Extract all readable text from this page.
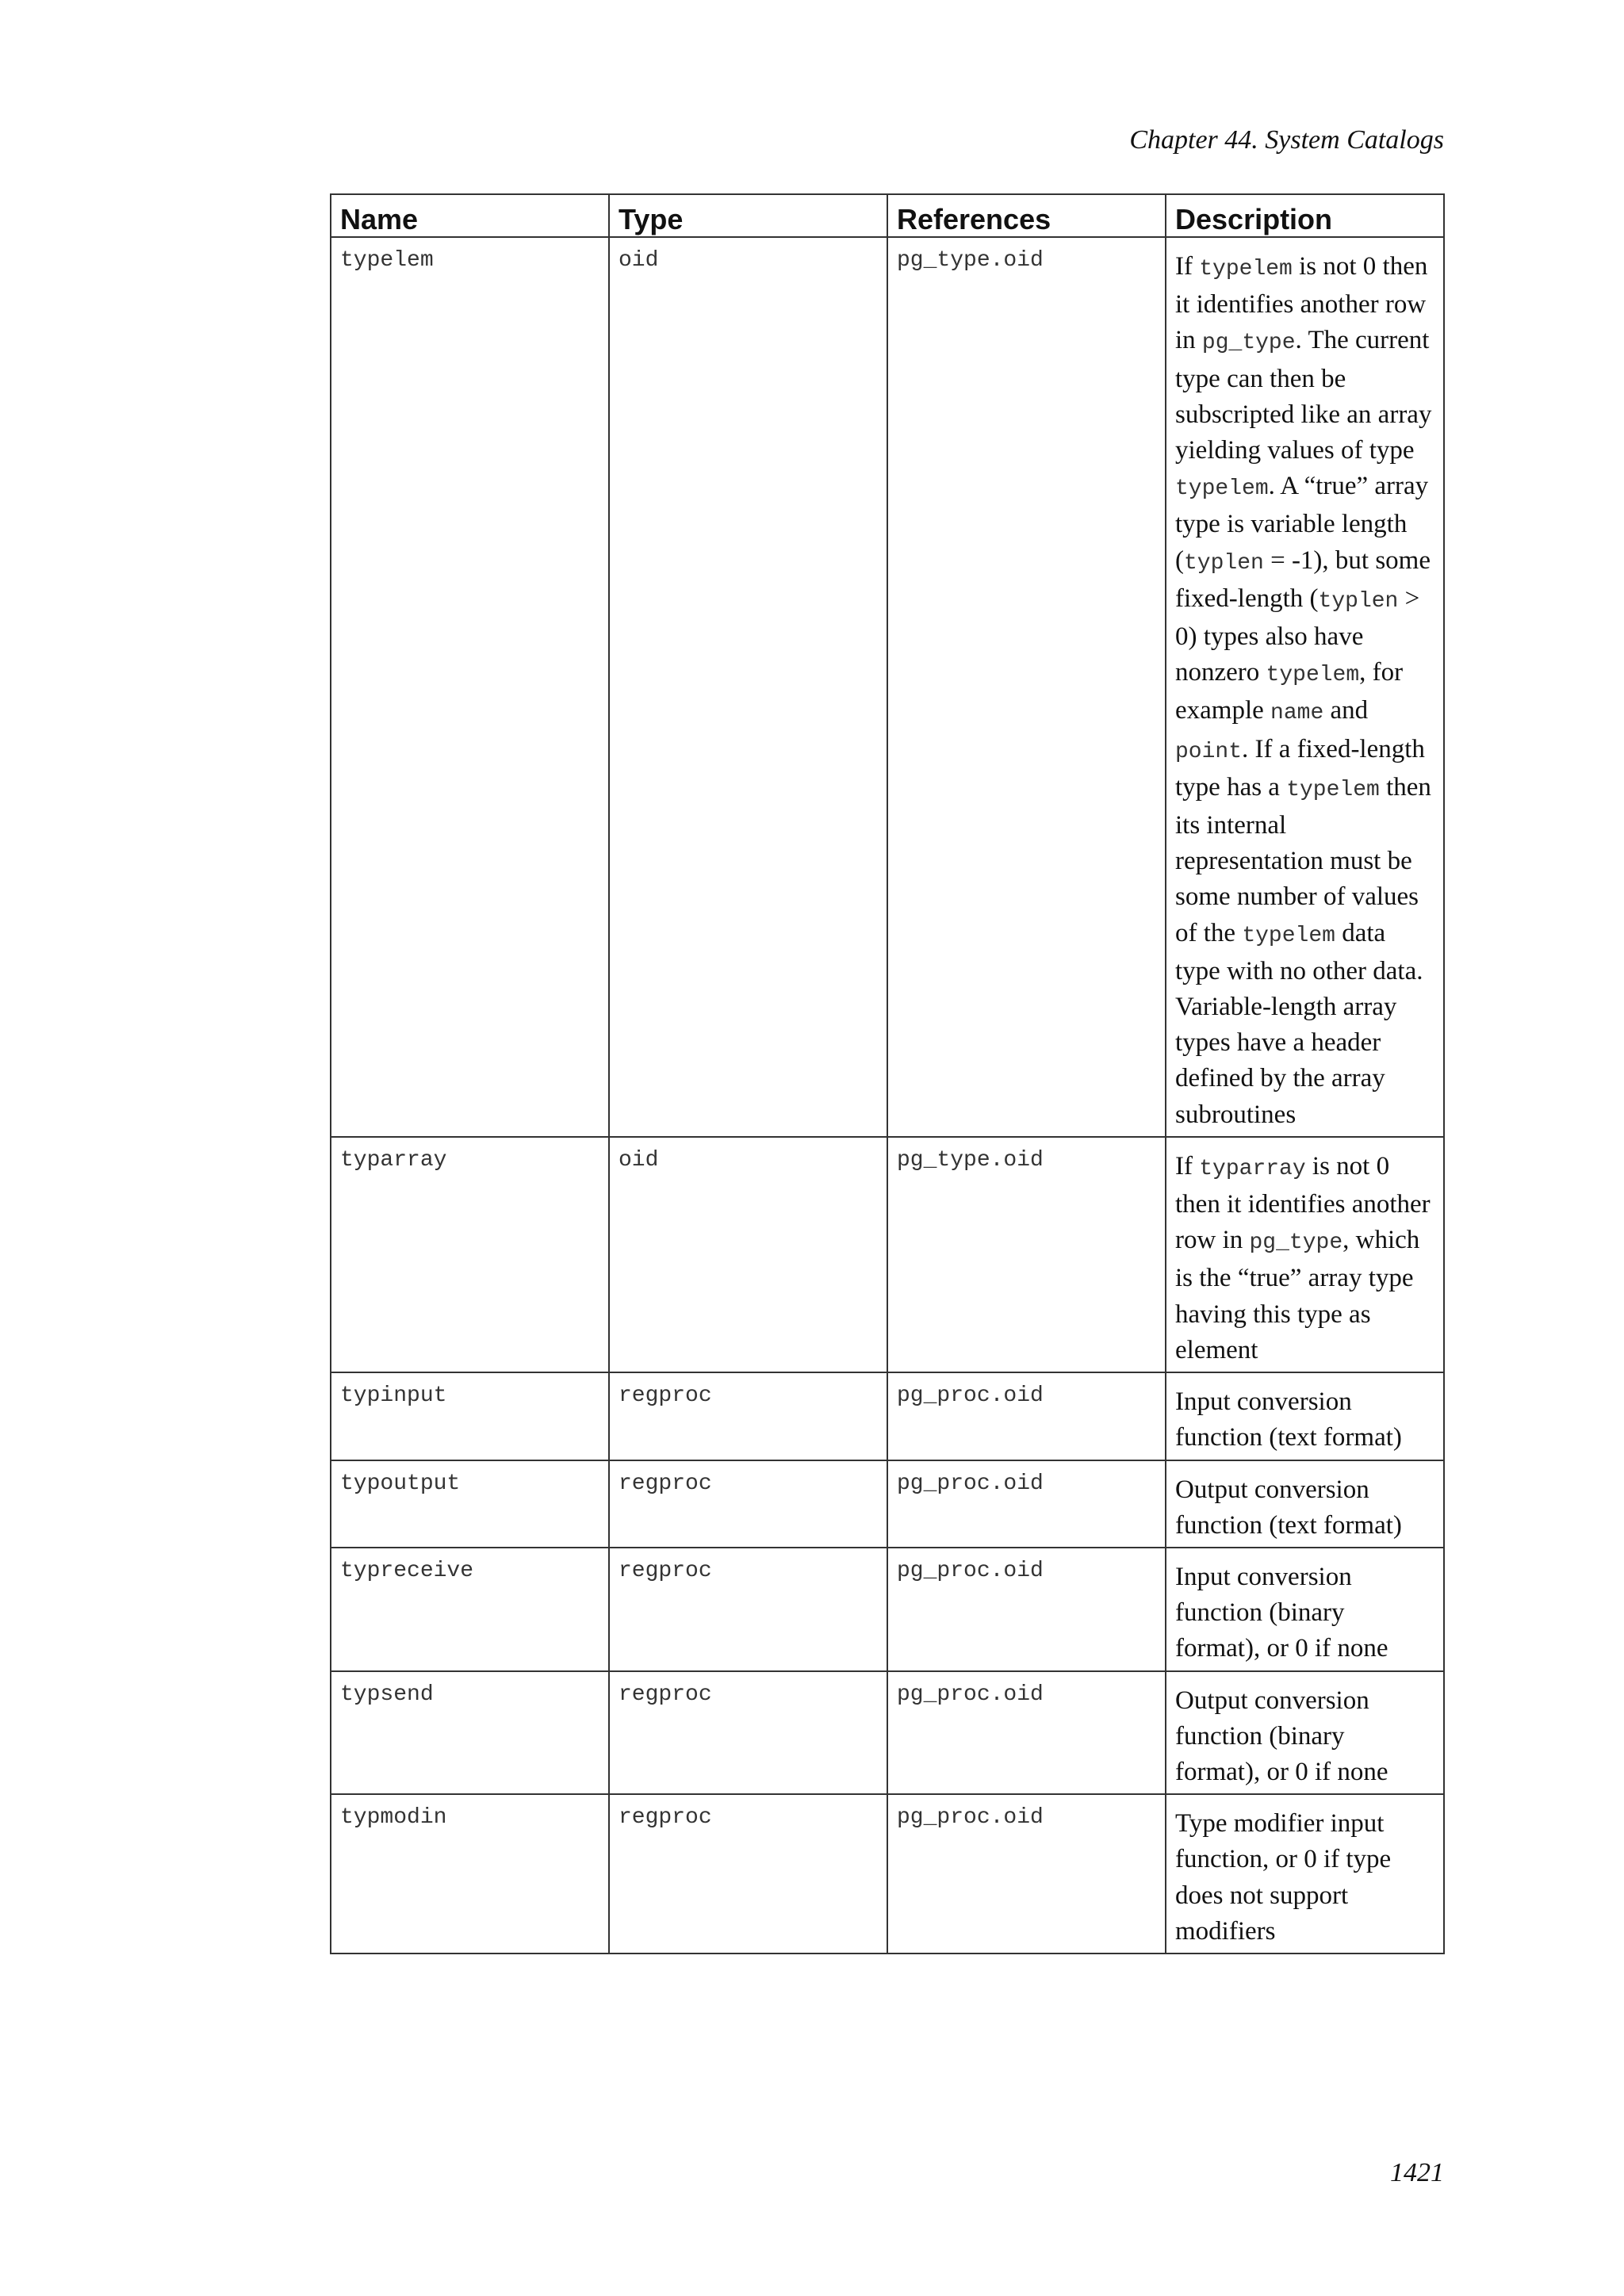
Chapter 44. System Catalogs
Name	Type	References	Description
typelem	oid	pg_type.oid	If typelem is not 0 then it identifies another row in pg_type. The current type can then be subscripted like an array yielding values of type typelem. A “true” array type is variable length (typlen = -1), but some fixed-length (typlen > 0) types also have nonzero typelem, for example name and point. If a fixed-length type has a typelem then its internal representation must be some number of values of the typelem data type with no other data. Variable-length array types have a header defined by the array subroutines
typarray	oid	pg_type.oid	If typarray is not 0 then it identifies another row in pg_type, which is the “true” array type having this type as element
typinput	regproc	pg_proc.oid	Input conversion function (text format)
typoutput	regproc	pg_proc.oid	Output conversion function (text format)
typreceive	regproc	pg_proc.oid	Input conversion function (binary format), or 0 if none
typsend	regproc	pg_proc.oid	Output conversion function (binary format), or 0 if none
typmodin	regproc	pg_proc.oid	Type modifier input function, or 0 if type does not support modifiers
1421
